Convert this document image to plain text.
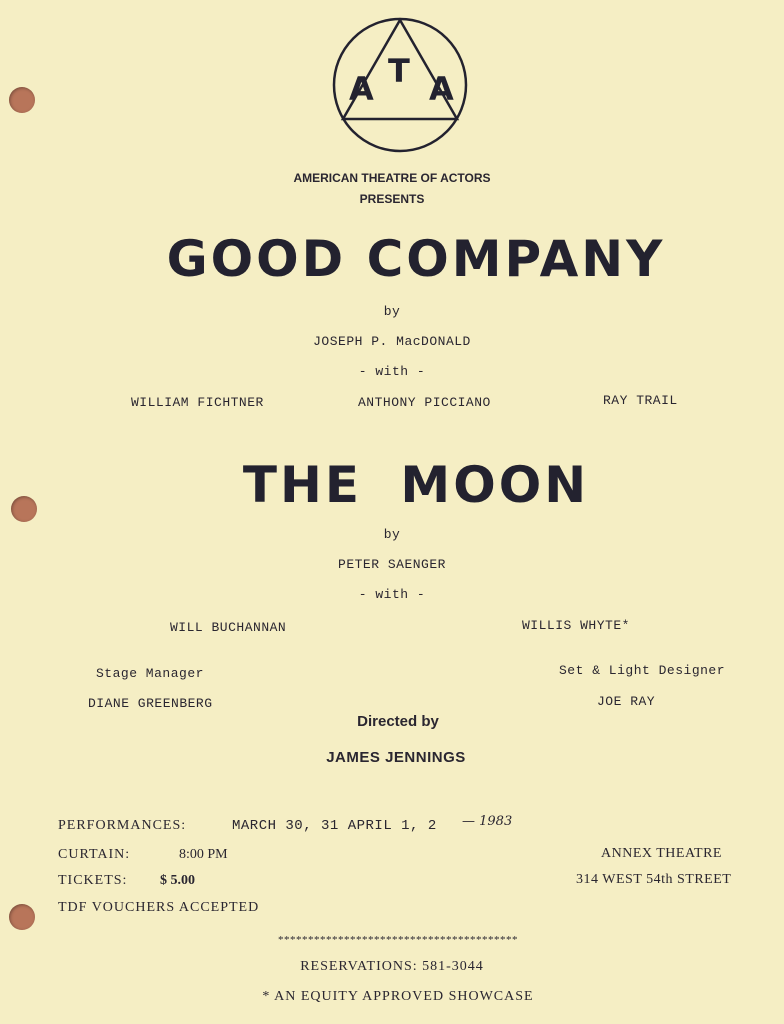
A T A
AMERICAN THEATRE OF ACTORS
PRESENTS
GOOD COMPANY
by
JOSEPH P. MacDONALD
- with -
WILLIAM FICHTNER	ANTHONY PICCIANO	RAY TRAIL
THE MOON
by
PETER SAENGER
- with -
WILL BUCHANNAN	WILLIS WHYTE*
Stage Manager
DIANE GREENBERG
Set & Light Designer
JOE RAY
Directed by
JAMES JENNINGS
PERFORMANCES:	MARCH 30, 31 APRIL 1, 2 — 1983
CURTAIN:	8:00 PM
TICKETS: $ 5.00
TDF VOUCHERS ACCEPTED
ANNEX THEATRE
314 WEST 54th STREET
****************************************
RESERVATIONS: 581-3044
* AN EQUITY APPROVED SHOWCASE
